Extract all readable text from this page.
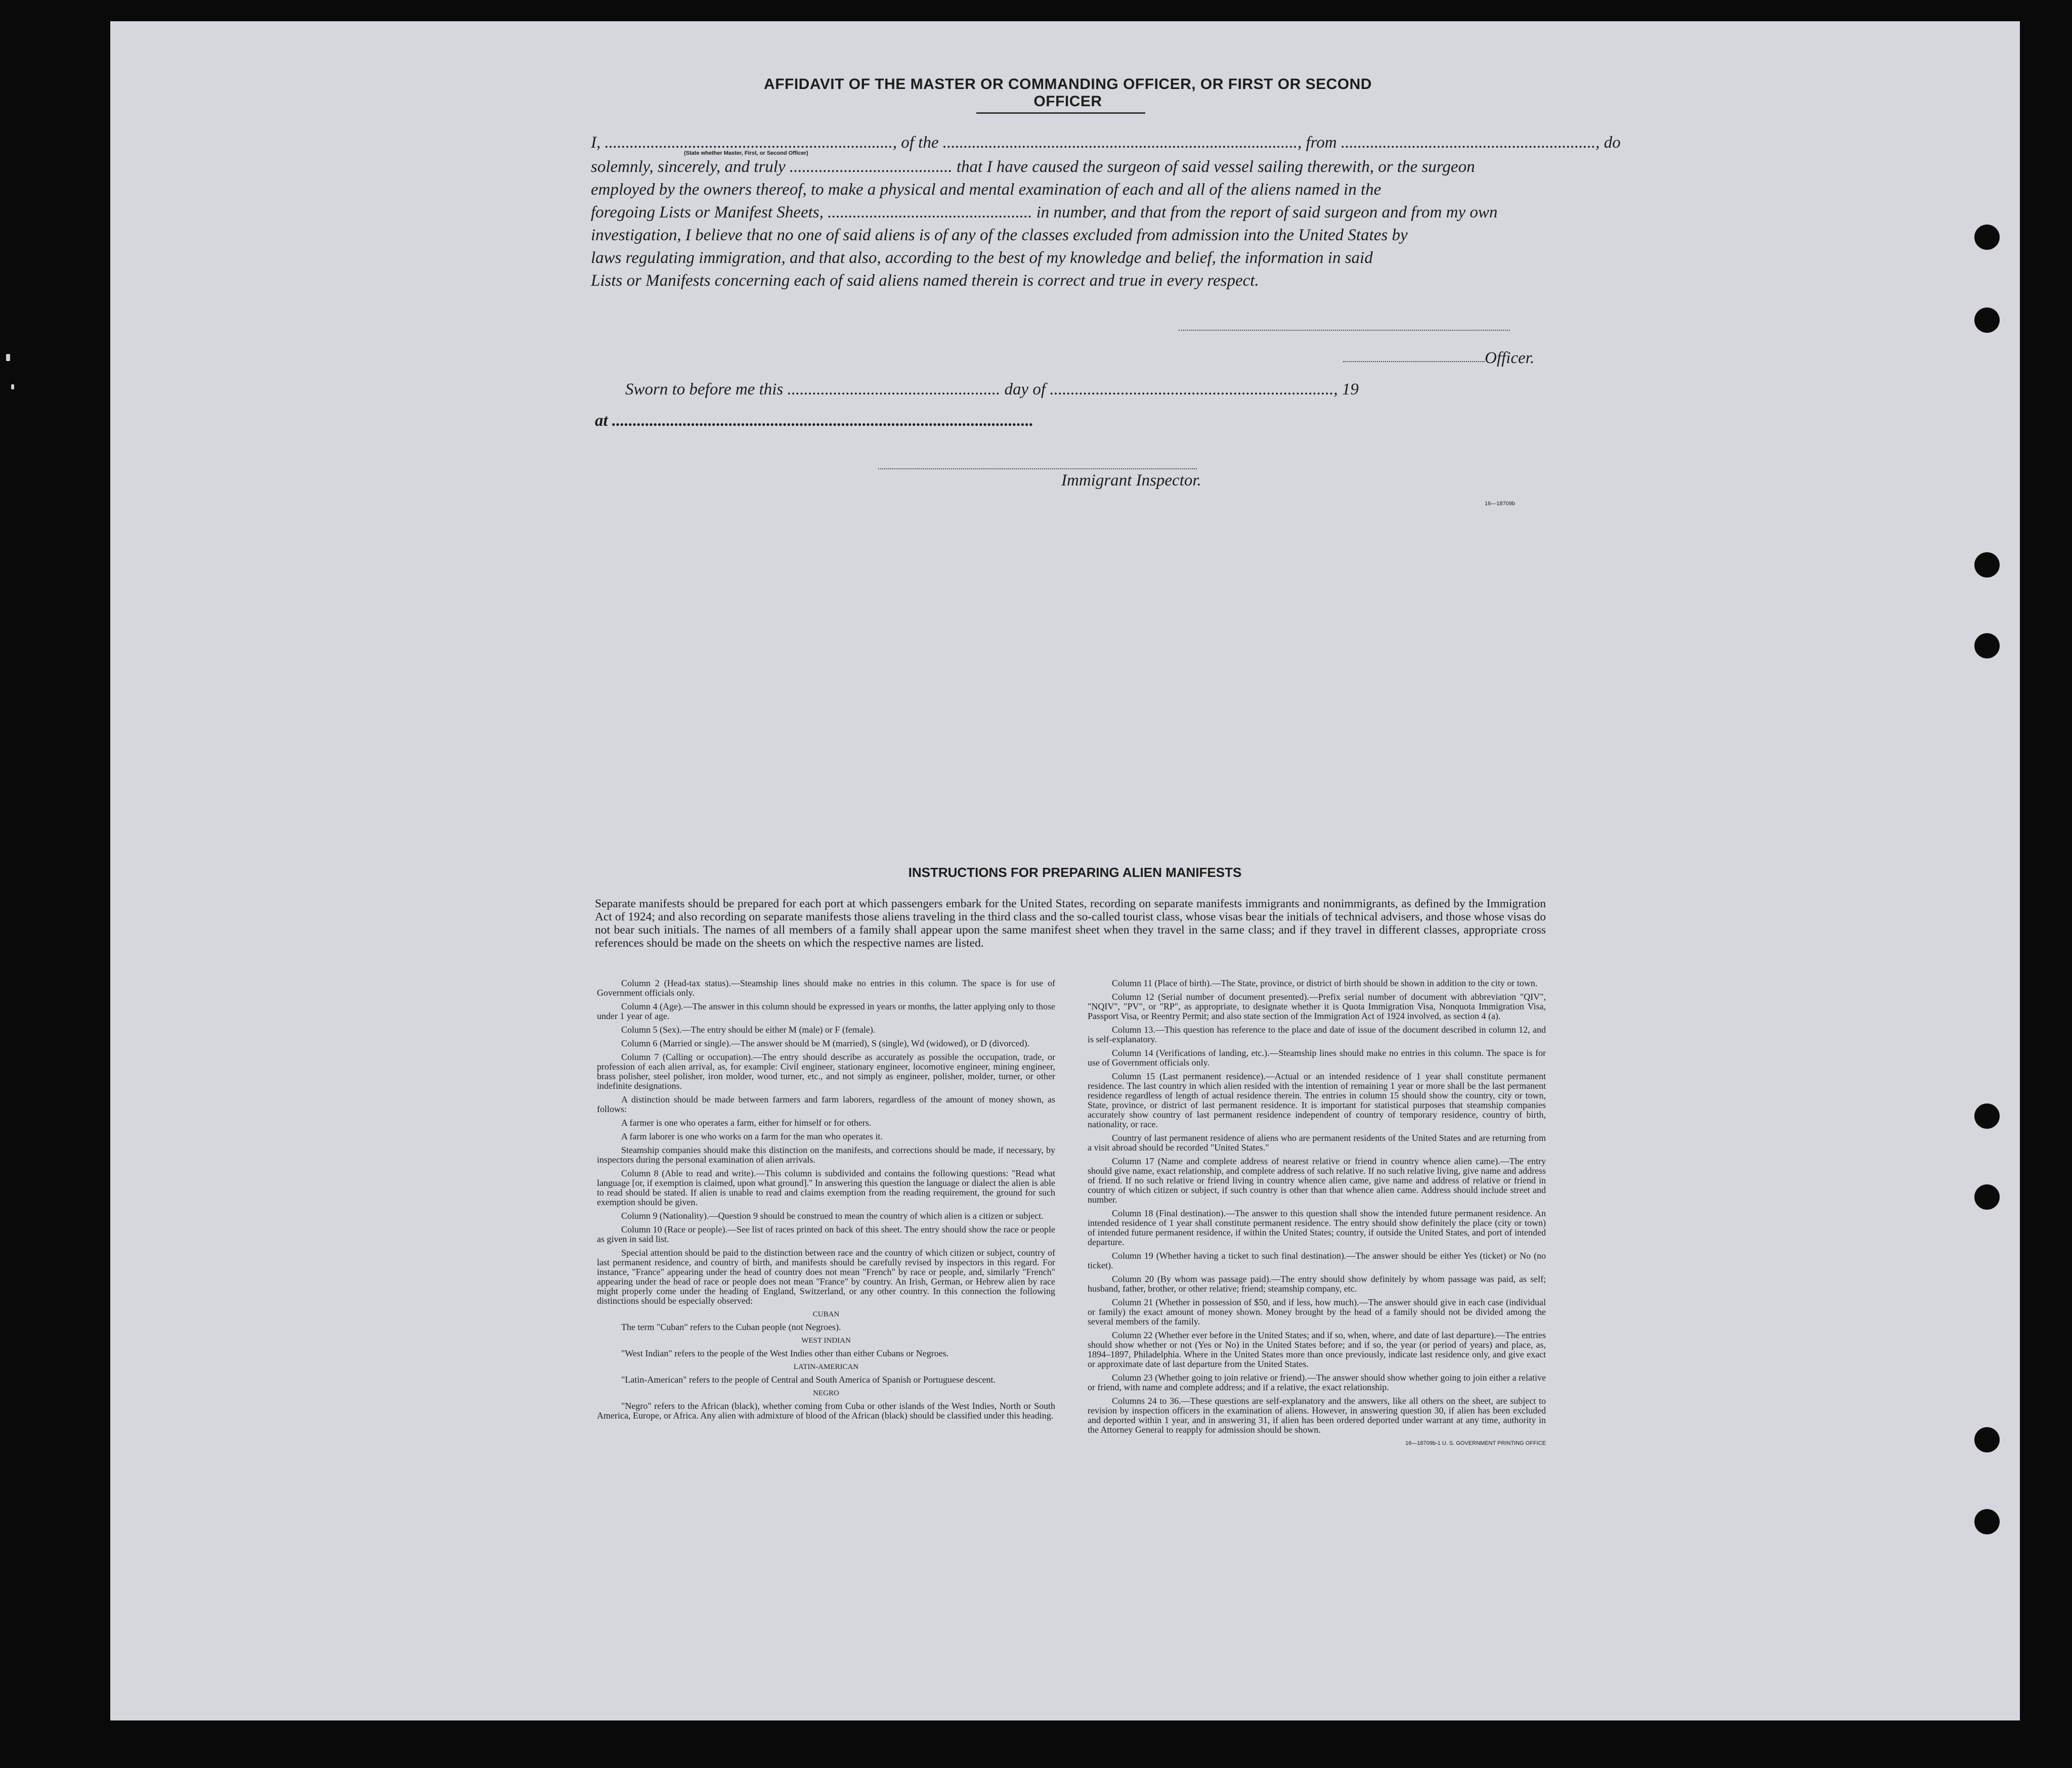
AFFIDAVIT OF THE MASTER OR COMMANDING OFFICER, OR FIRST OR SECOND OFFICER
I, ....................................................................., of the ....................................................................................., from ............................................................., do
(State whether Master, First, or Second Officer)
solemnly, sincerely, and truly ....................................... that I have caused the surgeon of said vessel sailing therewith, or the surgeon
employed by the owners thereof, to make a physical and mental examination of each and all of the aliens named in the
foregoing Lists or Manifest Sheets, ................................................. in number, and that from the report of said surgeon and from my own
investigation, I believe that no one of said aliens is of any of the classes excluded from admission into the United States by
laws regulating immigration, and that also, according to the best of my knowledge and belief, the information in said
Lists or Manifests concerning each of said aliens named therein is correct and true in every respect.
Officer.
Sworn to before me this ................................................... day of ...................................................................., 19
at .....................................................................................................
Immigrant Inspector.
16—18709b
INSTRUCTIONS FOR PREPARING ALIEN MANIFESTS
Separate manifests should be prepared for each port at which passengers embark for the United States, recording on separate manifests immigrants and nonimmigrants, as defined by the Immigration Act of 1924; and also recording on separate manifests those aliens traveling in the third class and the so-called tourist class, whose visas bear the initials of technical advisers, and those whose visas do not bear such initials. The names of all members of a family shall appear upon the same manifest sheet when they travel in the same class; and if they travel in different classes, appropriate cross references should be made on the sheets on which the respective names are listed.

Column 2 (Head-tax status).—Steamship lines should make no entries in this column. The space is for use of Government officials only.

Column 4 (Age).—The answer in this column should be expressed in years or months, the latter applying only to those under 1 year of age.

Column 5 (Sex).—The entry should be either M (male) or F (female).

Column 6 (Married or single).—The answer should be M (married), S (single), Wd (widowed), or D (divorced).

Column 7 (Calling or occupation).—The entry should describe as accurately as possible the occupation, trade, or profession of each alien arrival, as, for example: Civil engineer, stationary engineer, locomotive engineer, mining engineer, brass polisher, steel polisher, iron molder, wood turner, etc., and not simply as engineer, polisher, molder, turner, or other indefinite designations.

A distinction should be made between farmers and farm laborers, regardless of the amount of money shown, as follows:

A farmer is one who operates a farm, either for himself or for others.

A farm laborer is one who works on a farm for the man who operates it.

Steamship companies should make this distinction on the manifests, and corrections should be made, if necessary, by inspectors during the personal examination of alien arrivals.

Column 8 (Able to read and write).—This column is subdivided and contains the following questions: "Read what language [or, if exemption is claimed, upon what ground]." In answering this question the language or dialect the alien is able to read should be stated. If alien is unable to read and claims exemption from the reading requirement, the ground for such exemption should be given.

Column 9 (Nationality).—Question 9 should be construed to mean the country of which alien is a citizen or subject.

Column 10 (Race or people).—See list of races printed on back of this sheet. The entry should show the race or people as given in said list.

Special attention should be paid to the distinction between race and the country of which citizen or subject, country of last permanent residence, and country of birth, and manifests should be carefully revised by inspectors in this regard. For instance, "France" appearing under the head of country does not mean "French" by race or people, and, similarly "French" appearing under the head of race or people does not mean "France" by country. An Irish, German, or Hebrew alien by race might properly come under the heading of England, Switzerland, or any other country. In this connection the following distinctions should be especially observed:

CUBAN

The term "Cuban" refers to the Cuban people (not Negroes).

WEST INDIAN

"West Indian" refers to the people of the West Indies other than either Cubans or Negroes.

LATIN-AMERICAN

"Latin-American" refers to the people of Central and South America of Spanish or Portuguese descent.

NEGRO

"Negro" refers to the African (black), whether coming from Cuba or other islands of the West Indies, North or South America, Europe, or Africa. Any alien with admixture of blood of the African (black) should be classified under this heading.

Column 11 (Place of birth).—The State, province, or district of birth should be shown in addition to the city or town.

Column 12 (Serial number of document presented).—Prefix serial number of document with abbreviation "QIV", "NQIV", "PV", or "RP", as appropriate, to designate whether it is Quota Immigration Visa, Nonquota Immigration Visa, Passport Visa, or Reentry Permit; and also state section of the Immigration Act of 1924 involved, as section 4 (a).

Column 13.—This question has reference to the place and date of issue of the document described in column 12, and is self-explanatory.

Column 14 (Verifications of landing, etc.).—Steamship lines should make no entries in this column. The space is for use of Government officials only.

Column 15 (Last permanent residence).—Actual or an intended residence of 1 year shall constitute permanent residence. The last country in which alien resided with the intention of remaining 1 year or more shall be the last permanent residence regardless of length of actual residence therein. The entries in column 15 should show the country, city or town, State, province, or district of last permanent residence. It is important for statistical purposes that steamship companies accurately show country of last permanent residence independent of country of temporary residence, country of birth, nationality, or race.

Country of last permanent residence of aliens who are permanent residents of the United States and are returning from a visit abroad should be recorded "United States."

Column 17 (Name and complete address of nearest relative or friend in country whence alien came).—The entry should give name, exact relationship, and complete address of such relative. If no such relative living, give name and address of friend. If no such relative or friend living in country whence alien came, give name and address of relative or friend in country of which citizen or subject, if such country is other than that whence alien came. Address should include street and number.

Column 18 (Final destination).—The answer to this question shall show the intended future permanent residence. An intended residence of 1 year shall constitute permanent residence. The entry should show definitely the place (city or town) of intended future permanent residence, if within the United States; country, if outside the United States, and port of intended departure.

Column 19 (Whether having a ticket to such final destination).—The answer should be either Yes (ticket) or No (no ticket).

Column 20 (By whom was passage paid).—The entry should show definitely by whom passage was paid, as self; husband, father, brother, or other relative; friend; steamship company, etc.

Column 21 (Whether in possession of $50, and if less, how much).—The answer should give in each case (individual or family) the exact amount of money shown. Money brought by the head of a family should not be divided among the several members of the family.

Column 22 (Whether ever before in the United States; and if so, when, where, and date of last departure).—The entries should show whether or not (Yes or No) in the United States before; and if so, the year (or period of years) and place, as, 1894–1897, Philadelphia. Where in the United States more than once previously, indicate last residence only, and give exact or approximate date of last departure from the United States.

Column 23 (Whether going to join relative or friend).—The answer should show whether going to join either a relative or friend, with name and complete address; and if a relative, the exact relationship.

Columns 24 to 36.—These questions are self-explanatory and the answers, like all others on the sheet, are subject to revision by inspection officers in the examination of aliens. However, in answering question 30, if alien has been excluded and deported within 1 year, and in answering 31, if alien has been ordered deported under warrant at any time, authority in the Attorney General to reapply for admission should be shown.

16—18709b-1 U. S. GOVERNMENT PRINTING OFFICE
